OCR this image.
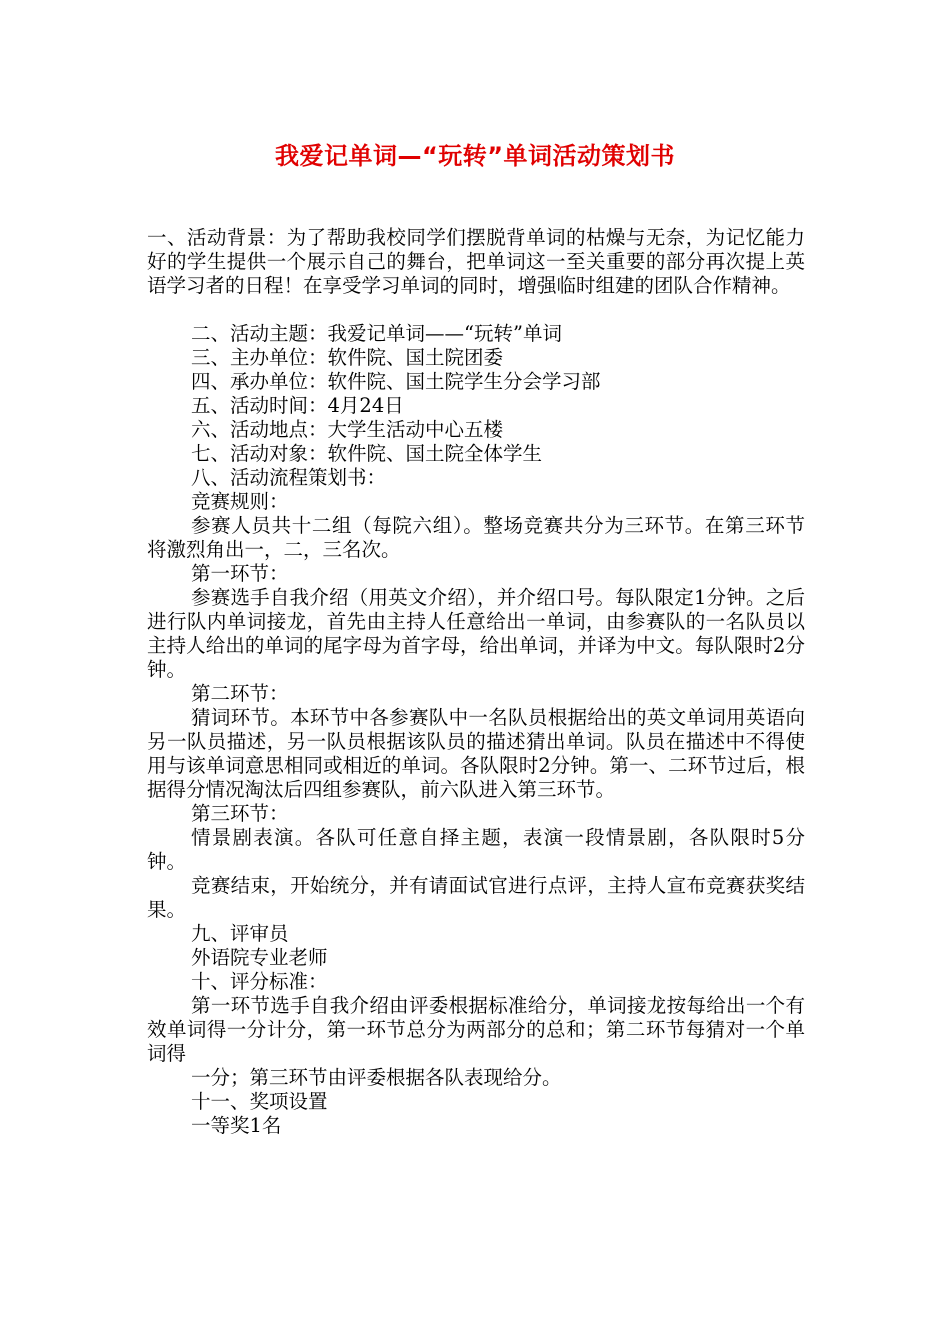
我爱记单词—“玩转”单词活动策划书

一、活动背景：为了帮助我校同学们摆脱背单词的枯燥与无奈，为记忆能力好的学生提供一个展示自己的舞台，把单词这一至关重要的部分再次提上英语学习者的日程！在享受学习单词的同时，增强临时组建的团队合作精神。

二、活动主题：我爱记单词——“玩转”单词

三、主办单位：软件院、国土院团委

四、承办单位：软件院、国土院学生分会学习部

五、活动时间：4月24日

六、活动地点：大学生活动中心五楼

七、活动对象：软件院、国土院全体学生

八、活动流程策划书：

竞赛规则：

参赛人员共十二组（每院六组）。整场竞赛共分为三环节。在第三环节将激烈角出一，二，三名次。

第一环节：

参赛选手自我介绍（用英文介绍），并介绍口号。每队限定1分钟。之后进行队内单词接龙，首先由主持人任意给出一单词，由参赛队的一名队员以主持人给出的单词的尾字母为首字母，给出单词，并译为中文。每队限时2分钟。

第二环节：

猜词环节。本环节中各参赛队中一名队员根据给出的英文单词用英语向另一队员描述，另一队员根据该队员的描述猜出单词。队员在描述中不得使用与该单词意思相同或相近的单词。各队限时2分钟。第一、二环节过后，根据得分情况淘汰后四组参赛队，前六队进入第三环节。

第三环节：

情景剧表演。各队可任意自择主题，表演一段情景剧，各队限时5分钟。

竞赛结束，开始统分，并有请面试官进行点评，主持人宣布竞赛获奖结果。

九、评审员

外语院专业老师

十、评分标准：

第一环节选手自我介绍由评委根据标准给分，单词接龙按每给出一个有效单词得一分计分，第一环节总分为两部分的总和；第二环节每猜对一个单词得

一分；第三环节由评委根据各队表现给分。

十一、奖项设置

一等奖1名
